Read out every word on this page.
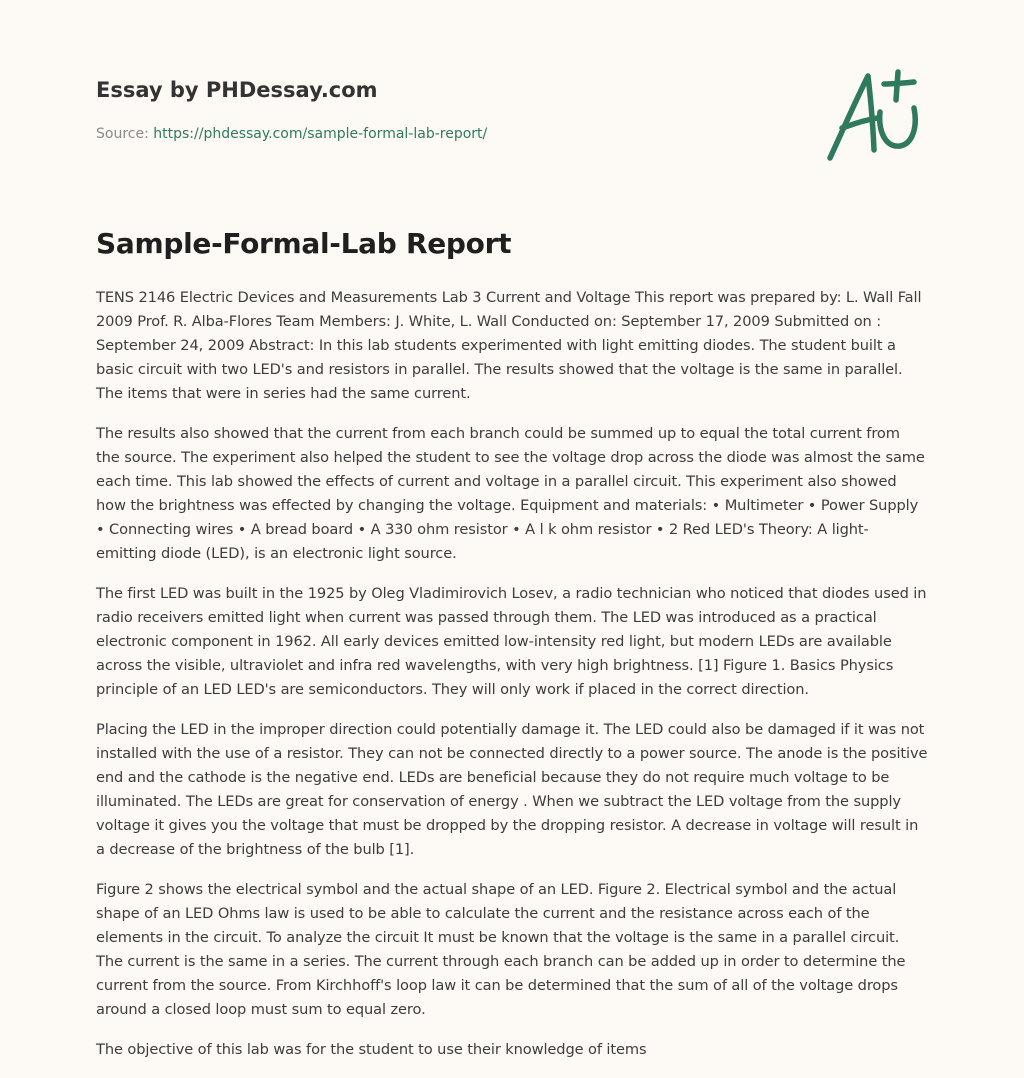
Essay by PHDessay.com
Source: https://phdessay.com/sample-formal-lab-report/
Sample-Formal-Lab Report

TENS 2146 Electric Devices and Measurements Lab 3 Current and Voltage This report was prepared by: L. Wall Fall 2009 Prof. R. Alba-Flores Team Members: J. White, L. Wall Conducted on: September 17, 2009 Submitted on : September 24, 2009 Abstract: In this lab students experimented with light emitting diodes. The student built a basic circuit with two LED's and resistors in parallel. The results showed that the voltage is the same in parallel. The items that were in series had the same current.

The results also showed that the current from each branch could be summed up to equal the total current from the source. The experiment also helped the student to see the voltage drop across the diode was almost the same each time. This lab showed the effects of current and voltage in a parallel circuit. This experiment also showed how the brightness was effected by changing the voltage. Equipment and materials: • Multimeter • Power Supply • Connecting wires • A bread board • A 330 ohm resistor • A l k ohm resistor • 2 Red LED's Theory: A light-emitting diode (LED), is an electronic light source.

The first LED was built in the 1925 by Oleg Vladimirovich Losev, a radio technician who noticed that diodes used in radio receivers emitted light when current was passed through them. The LED was introduced as a practical electronic component in 1962. All early devices emitted low-intensity red light, but modern LEDs are available across the visible, ultraviolet and infra red wavelengths, with very high brightness. [1] Figure 1. Basics Physics principle of an LED LED's are semiconductors. They will only work if placed in the correct direction.

Placing the LED in the improper direction could potentially damage it. The LED could also be damaged if it was not installed with the use of a resistor. They can not be connected directly to a power source. The anode is the positive end and the cathode is the negative end. LEDs are beneficial because they do not require much voltage to be illuminated. The LEDs are great for conservation of energy . When we subtract the LED voltage from the supply voltage it gives you the voltage that must be dropped by the dropping resistor. A decrease in voltage will result in a decrease of the brightness of the bulb [1].

Figure 2 shows the electrical symbol and the actual shape of an LED. Figure 2. Electrical symbol and the actual shape of an LED Ohms law is used to be able to calculate the current and the resistance across each of the elements in the circuit. To analyze the circuit It must be known that the voltage is the same in a parallel circuit. The current is the same in a series. The current through each branch can be added up in order to determine the current from the source. From Kirchhoff's loop law it can be determined that the sum of all of the voltage drops around a closed loop must sum to equal zero.

The objective of this lab was for the student to use their knowledge of items
